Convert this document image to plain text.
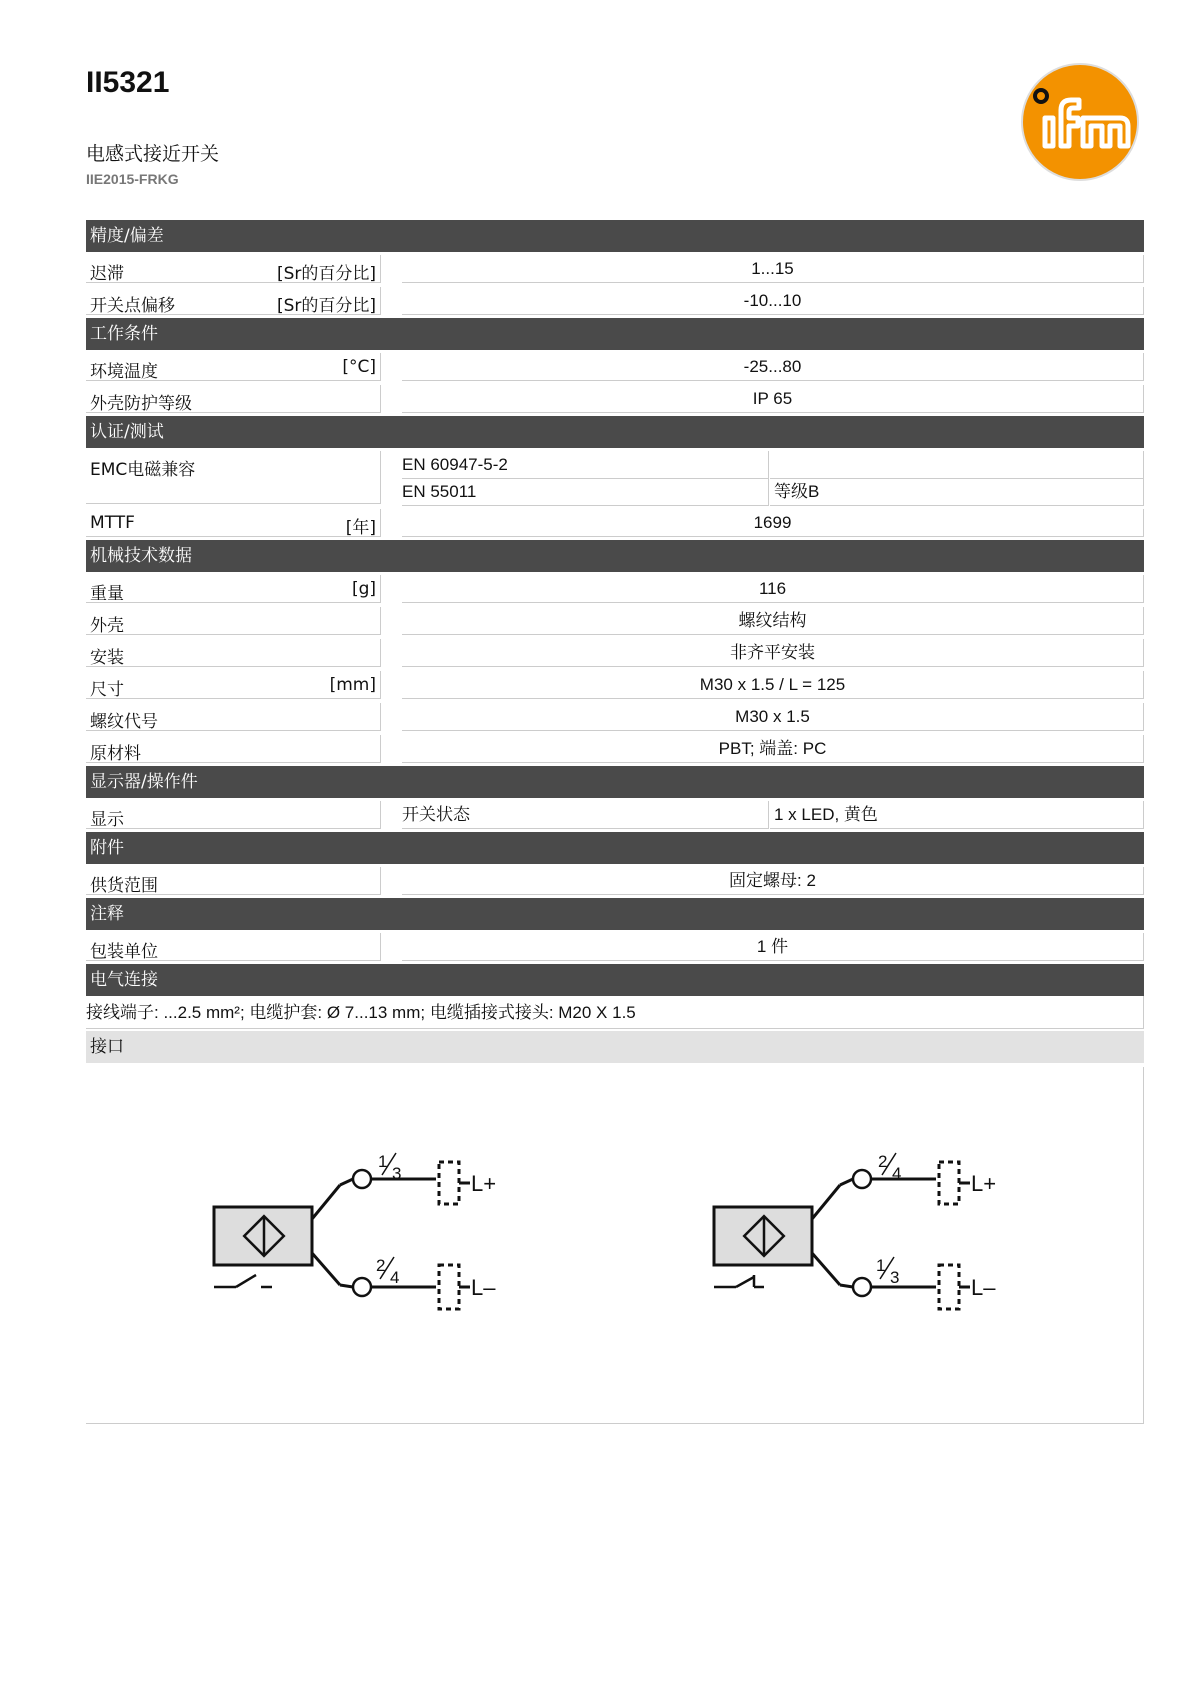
II5321
电感式接近开关
IIE2015-FRKG
精度/偏差
迟滞	[Sr的百分比]	1...15
开关点偏移	[Sr的百分比]	-10...10
工作条件
环境温度	[°C]	-25...80
外壳防护等级	IP 65
认证/测试
EMC电磁兼容	EN 60947-5-2
EN 55011	等级B
MTTF	[年]	1699
机械技术数据
重量	[g]	116
外壳	螺纹结构
安装	非齐平安装
尺寸	[mm]	M30 x 1.5 / L = 125
螺纹代号	M30 x 1.5
原材料	PBT; 端盖: PC
显示器/操作件
显示	开关状态	1 x LED, 黄色
附件
供货范围	固定螺母: 2
注释
包装单位	1 件
电气连接
接线端子: ...2.5 mm²; 电缆护套: Ø 7...13 mm; 电缆插接式接头: M20 X 1.5
接口
1
3	L+
2
4	L–
2
4	L+
1
3	L–
